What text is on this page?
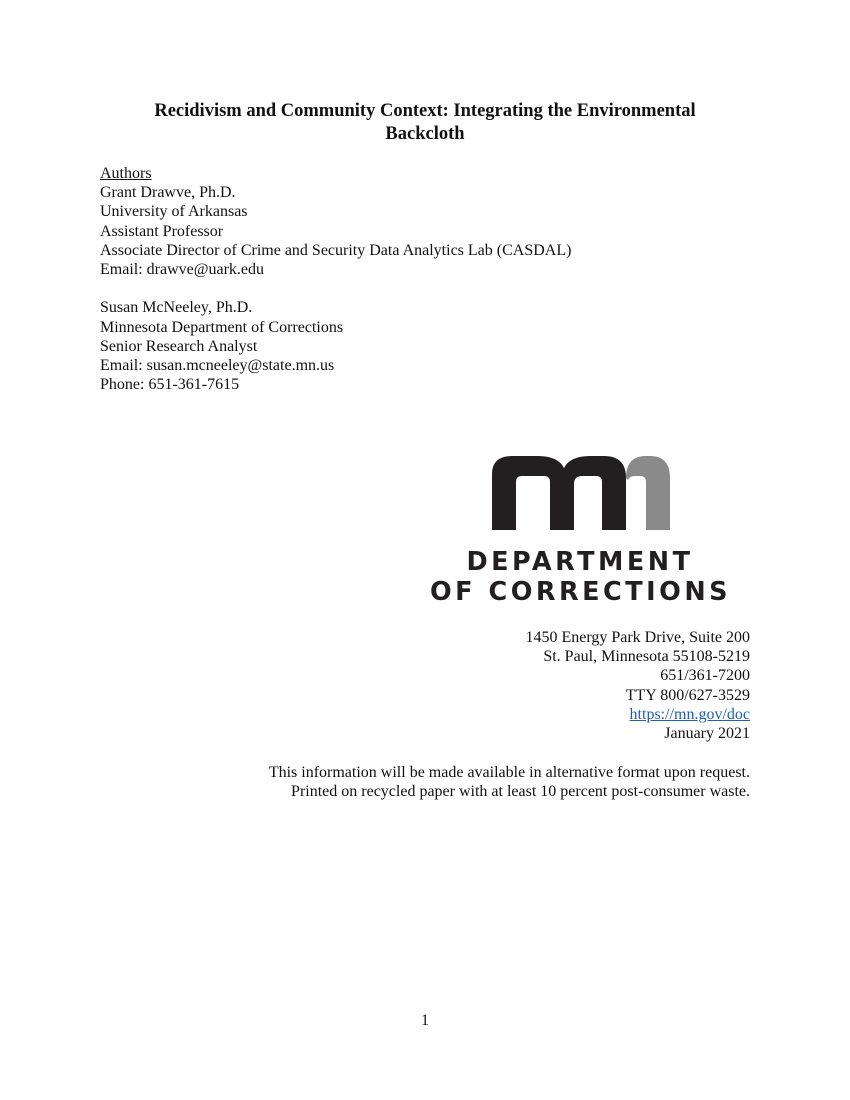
Recidivism and Community Context: Integrating the Environmental
Backcloth
Authors
Grant Drawve, Ph.D.
University of Arkansas
Assistant Professor
Associate Director of Crime and Security Data Analytics Lab (CASDAL)
Email: drawve@uark.edu
Susan McNeeley, Ph.D.
Minnesota Department of Corrections
Senior Research Analyst
Email: susan.mcneeley@state.mn.us
Phone: 651-361-7615
DEPARTMENT
OF CORRECTIONS
1450 Energy Park Drive, Suite 200
St. Paul, Minnesota 55108-5219
651/361-7200
TTY 800/627-3529
https://mn.gov/doc
January 2021
This information will be made available in alternative format upon request.
Printed on recycled paper with at least 10 percent post-consumer waste.
1
